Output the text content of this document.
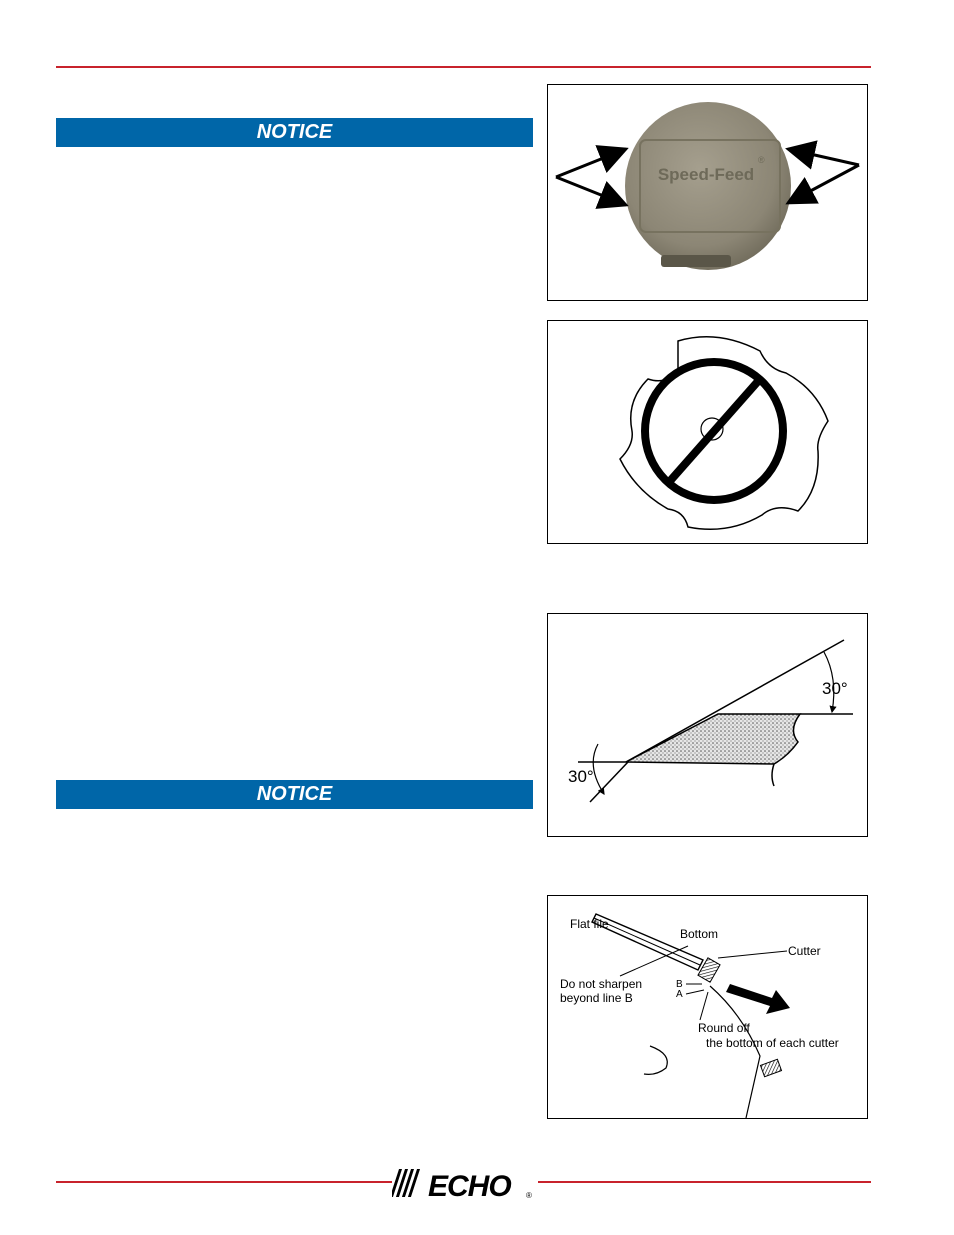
NOTICE
Speed-Feed
®
30°
30°
NOTICE
Flat file
Bottom
Cutter
Do not sharpen
beyond line B
B
A
Round off
the bottom of each cutter
ECHO ®
